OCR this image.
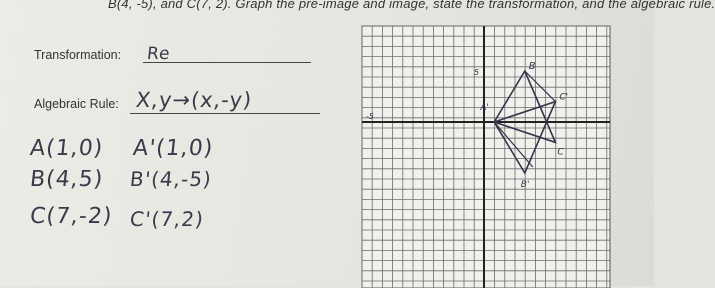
B(4, -5), and C(7, 2). Graph the pre-image and image, state the transformation, and the algebraic rule.
Transformation: Re
Algebraic Rule: X,y→(x,-y)
A(1,0) A'(1,0)
B(4,5) B'(4,-5)
C(7,-2) C'(7,2)
B
A'
C
B'
C'
5
-5
